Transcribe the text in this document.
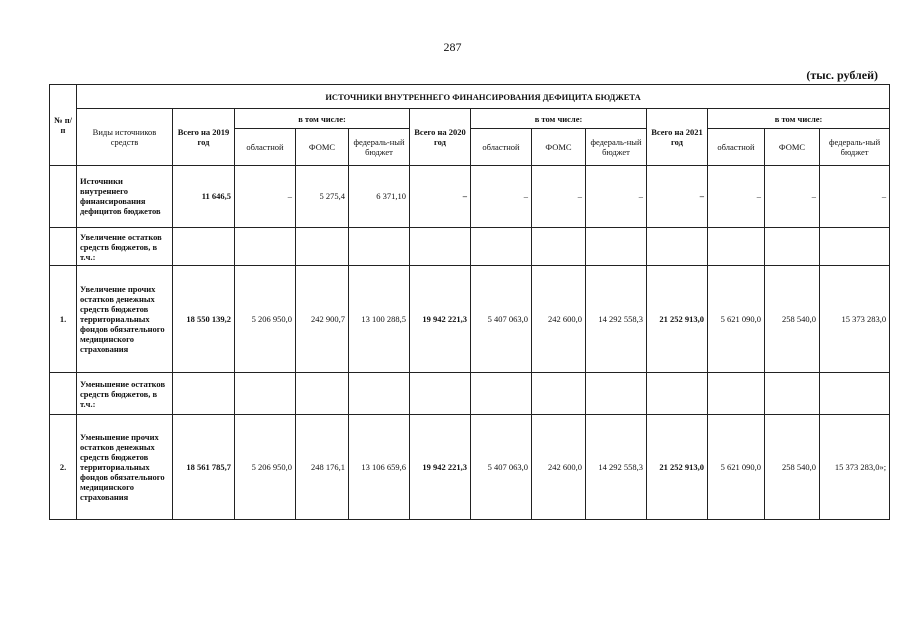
287
(тыс. рублей)
№ п/п	ИСТОЧНИКИ ВНУТРЕННЕГО ФИНАНСИРОВАНИЯ ДЕФИЦИТА БЮДЖЕТА												
	Виды источников средств	Всего на 2019 год	в том числе:			Всего на 2020 год	в том числе:			Всего на 2021 год	в том числе:		
			областной	ФОМС	федераль-ный бюджет		областной	ФОМС	федераль-ный бюджет		областной	ФОМС	федераль-ный бюджет
	Источники внутреннего финансирования дефицитов бюджетов	11 646,5	–	5 275,4	6 371,10	–	–	–	–	–	–	–	–
	Увеличение остатков средств бюджетов, в т.ч.:												
1.	Увеличение прочих остатков денежных средств бюджетов территориальных фондов обязательного медицинского страхования	18 550 139,2	5 206 950,0	242 900,7	13 100 288,5	19 942 221,3	5 407 063,0	242 600,0	14 292 558,3	21 252 913,0	5 621 090,0	258 540,0	15 373 283,0
	Уменьшение остатков средств бюджетов, в т.ч.:												
2.	Уменьшение прочих остатков денежных средств бюджетов территориальных фондов обязательного медицинского страхования	18 561 785,7	5 206 950,0	248 176,1	13 106 659,6	19 942 221,3	5 407 063,0	242 600,0	14 292 558,3	21 252 913,0	5 621 090,0	258 540,0	15 373 283,0»;
